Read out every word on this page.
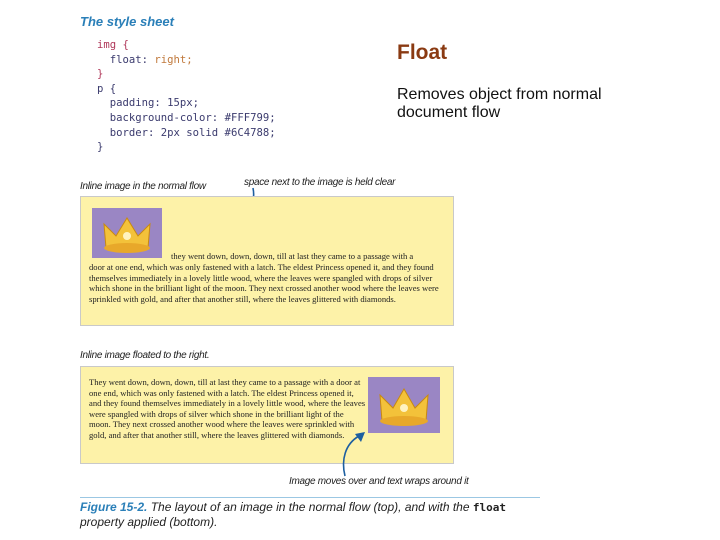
The style sheet
img {
float: right;
}
p {
padding: 15px;
background-color: #FFF799;
border: 2px solid #6C4788;
}
Float
Removes object from normal document flow
Inline image in the normal flow	space next to the image is held clear
they went down, down, down, till at last they came to a passage with a
door at one end, which was only fastened with a latch. The eldest Princess opened it, and they found themselves immediately in a lovely little wood, where the leaves were spangled with drops of silver which shone in the brilliant light of the moon. They next crossed another wood where the leaves were sprinkled with gold, and after that another still, where the leaves glittered with diamonds.
Inline image floated to the right.
They went down, down, down, till at last they came to a passage with a door at one end, which was only fastened with a latch. The eldest Princess opened it, and they found themselves immediately in a lovely little wood, where the leaves were spangled with drops of silver which shone in the brilliant light of the moon. They next crossed another wood where the leaves were sprinkled with gold, and after that another still, where the leaves glittered with diamonds.
Image moves over and text wraps around it
Figure 15-2. The layout of an image in the normal flow (top), and with the float property applied (bottom).
